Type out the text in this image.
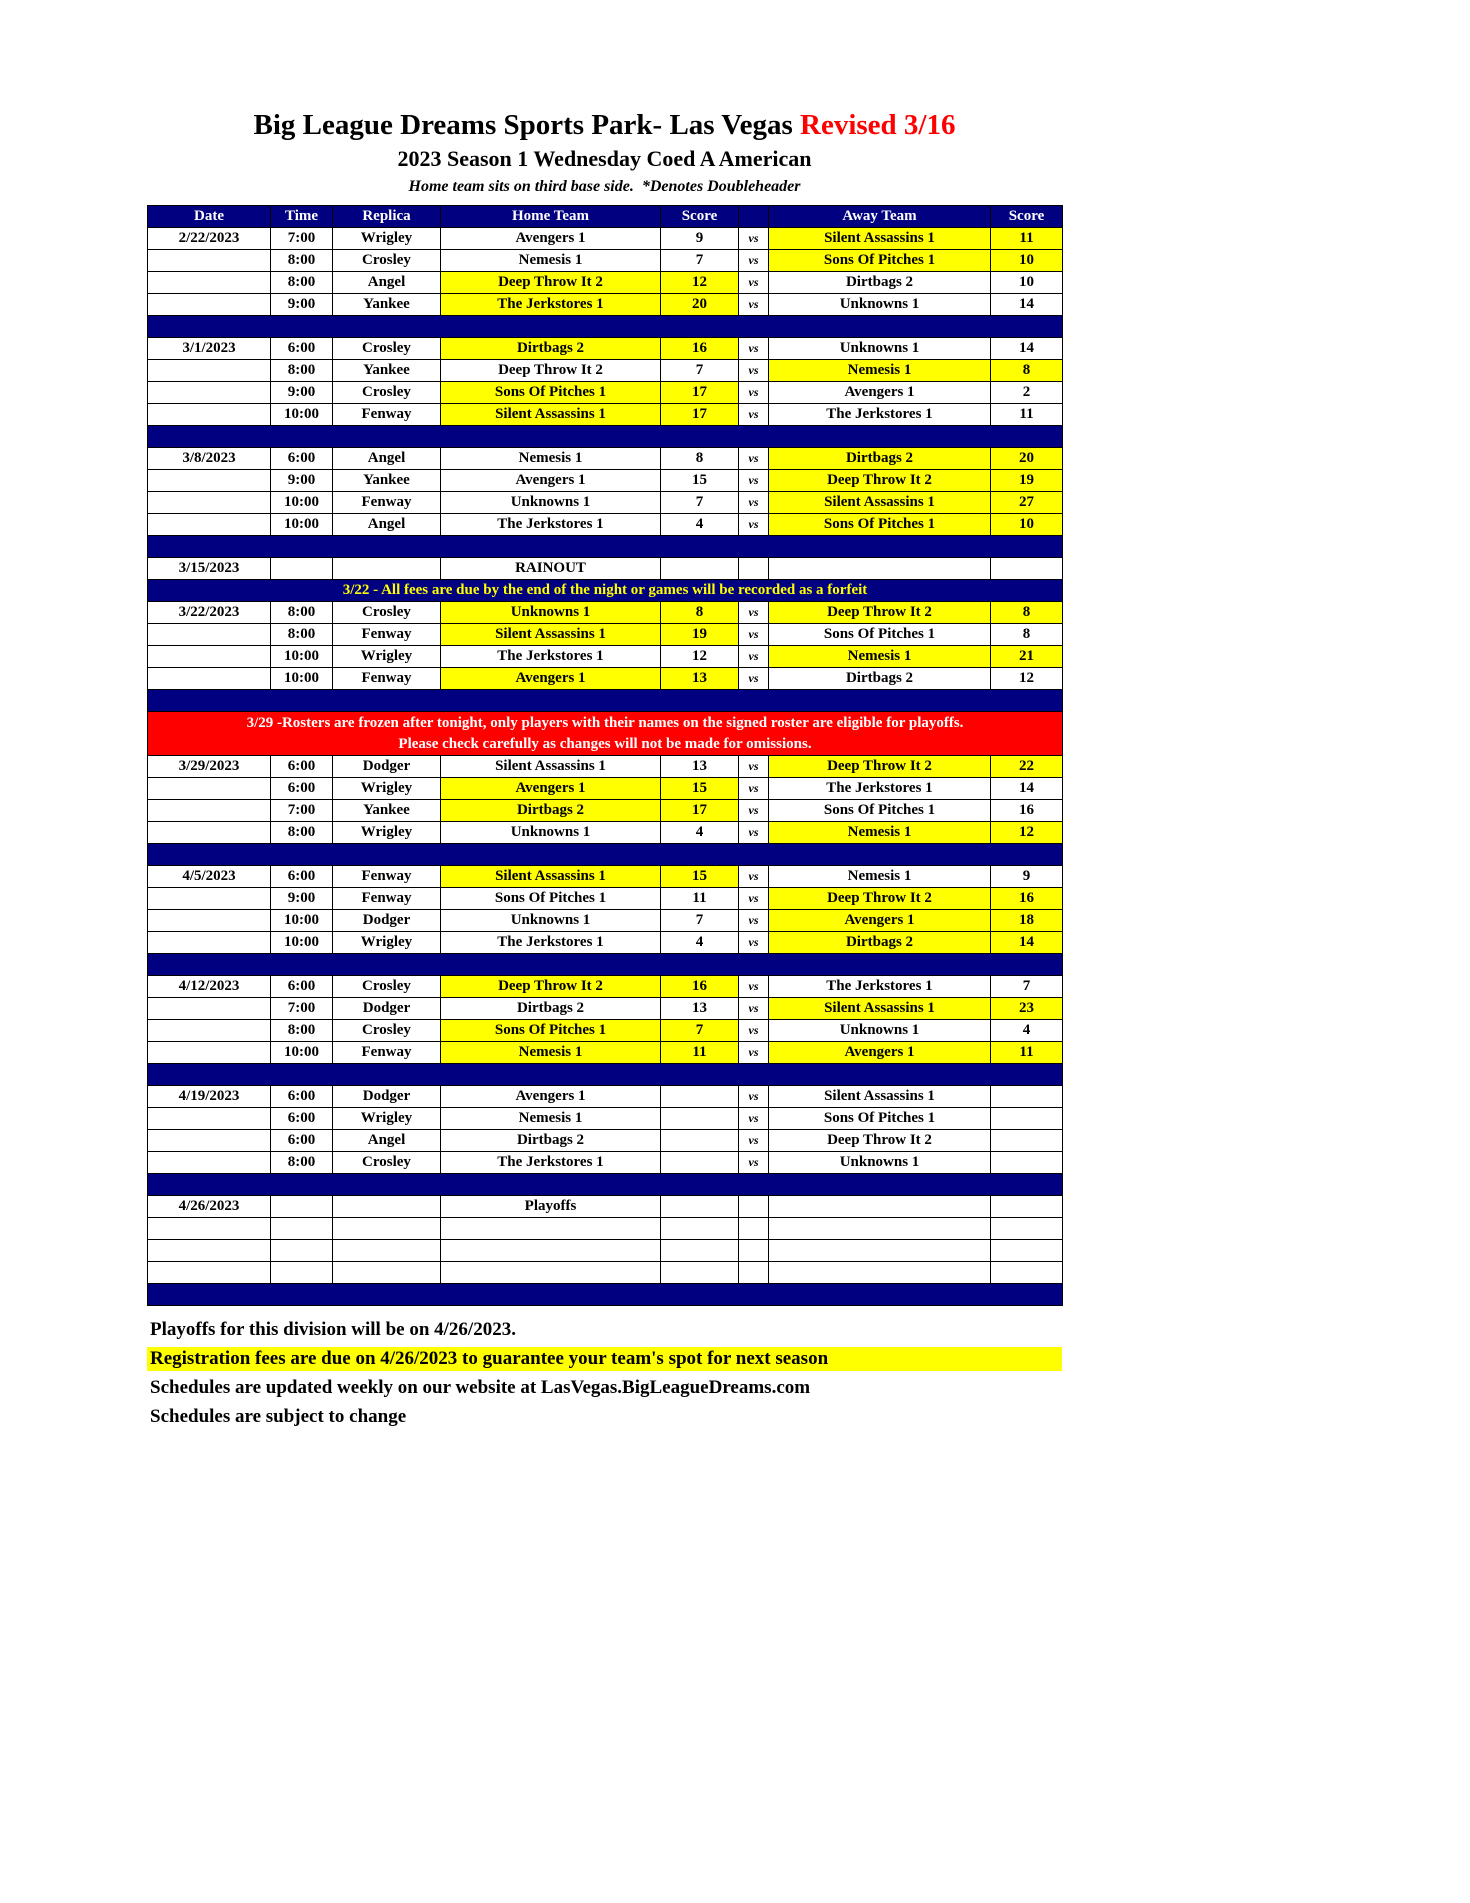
Big League Dreams Sports Park- Las Vegas Revised 3/16
2023 Season 1 Wednesday Coed A American
Home team sits on third base side.  *Denotes Doubleheader
Date	Time	Replica	Home Team	Score		Away Team	Score
2/22/2023	7:00	Wrigley	Avengers 1	9	vs	Silent Assassins 1	11
	8:00	Crosley	Nemesis 1	7	vs	Sons Of Pitches 1	10
	8:00	Angel	Deep Throw It 2	12	vs	Dirtbags 2	10
	9:00	Yankee	The Jerkstores 1	20	vs	Unknowns 1	14

3/1/2023	6:00	Crosley	Dirtbags 2	16	vs	Unknowns 1	14
	8:00	Yankee	Deep Throw It 2	7	vs	Nemesis 1	8
	9:00	Crosley	Sons Of Pitches 1	17	vs	Avengers 1	2
	10:00	Fenway	Silent Assassins 1	17	vs	The Jerkstores 1	11

3/8/2023	6:00	Angel	Nemesis 1	8	vs	Dirtbags 2	20
	9:00	Yankee	Avengers 1	15	vs	Deep Throw It 2	19
	10:00	Fenway	Unknowns 1	7	vs	Silent Assassins 1	27
	10:00	Angel	The Jerkstores 1	4	vs	Sons Of Pitches 1	10

3/15/2023			RAINOUT				

3/22 - All fees are due by the end of the night or games will be recorded as a forfeit							

3/22/2023	8:00	Crosley	Unknowns 1	8	vs	Deep Throw It 2	8
	8:00	Fenway	Silent Assassins 1	19	vs	Sons Of Pitches 1	8
	10:00	Wrigley	The Jerkstores 1	12	vs	Nemesis 1	21
	10:00	Fenway	Avengers 1	13	vs	Dirtbags 2	12

3/29 -Rosters are frozen after tonight, only players with their names on the signed roster are eligible for playoffs.
Please check carefully as changes will not be made for omissions.							

3/29/2023	6:00	Dodger	Silent Assassins 1	13	vs	Deep Throw It 2	22
	6:00	Wrigley	Avengers 1	15	vs	The Jerkstores 1	14
	7:00	Yankee	Dirtbags 2	17	vs	Sons Of Pitches 1	16
	8:00	Wrigley	Unknowns 1	4	vs	Nemesis 1	12

4/5/2023	6:00	Fenway	Silent Assassins 1	15	vs	Nemesis 1	9
	9:00	Fenway	Sons Of Pitches 1	11	vs	Deep Throw It 2	16
	10:00	Dodger	Unknowns 1	7	vs	Avengers 1	18
	10:00	Wrigley	The Jerkstores 1	4	vs	Dirtbags 2	14

4/12/2023	6:00	Crosley	Deep Throw It 2	16	vs	The Jerkstores 1	7
	7:00	Dodger	Dirtbags 2	13	vs	Silent Assassins 1	23
	8:00	Crosley	Sons Of Pitches 1	7	vs	Unknowns 1	4
	10:00	Fenway	Nemesis 1	11	vs	Avengers 1	11

4/19/2023	6:00	Dodger	Avengers 1		vs	Silent Assassins 1	
	6:00	Wrigley	Nemesis 1		vs	Sons Of Pitches 1	
	6:00	Angel	Dirtbags 2		vs	Deep Throw It 2	
	8:00	Crosley	The Jerkstores 1		vs	Unknowns 1	

4/26/2023			Playoffs				

Playoffs for this division will be on 4/26/2023.
Registration fees are due on 4/26/2023 to guarantee your team's spot for next season
Schedules are updated weekly on our website at LasVegas.BigLeagueDreams.com
Schedules are subject to change
